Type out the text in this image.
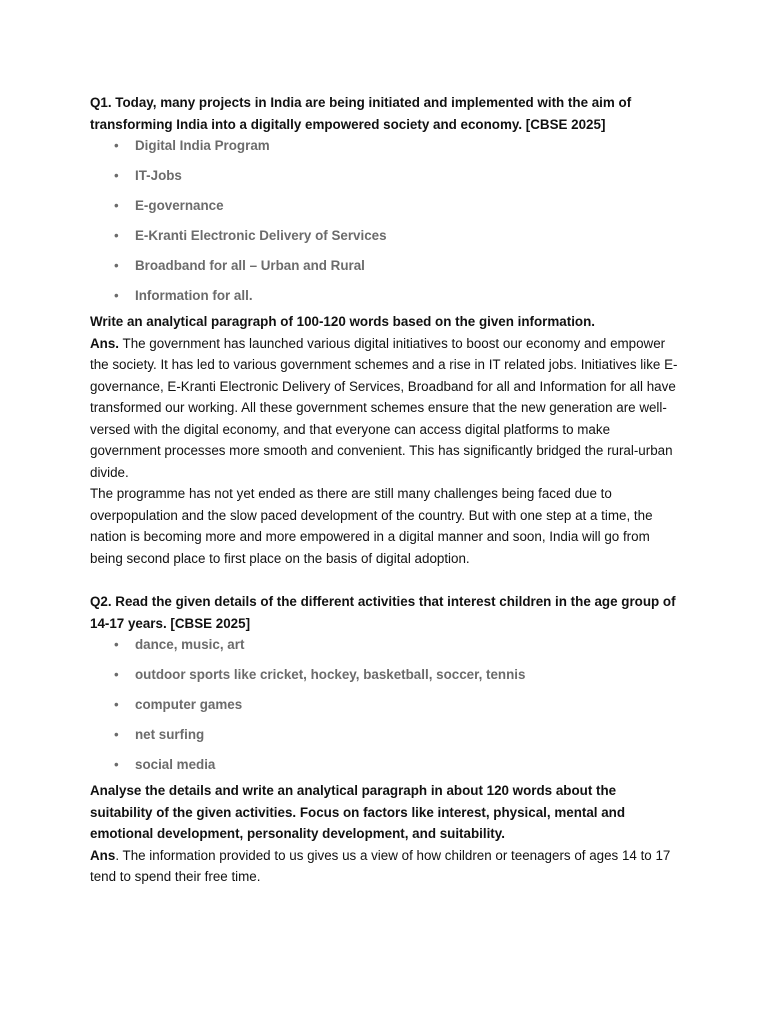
Q1. Today, many projects in India are being initiated and implemented with the aim of transforming India into a digitally empowered society and economy. [CBSE 2025]

• Digital India Program
• IT-Jobs
• E-governance
• E-Kranti Electronic Delivery of Services
• Broadband for all – Urban and Rural
• Information for all.

Write an analytical paragraph of 100-120 words based on the given information.

Ans. The government has launched various digital initiatives to boost our economy and empower the society. It has led to various government schemes and a rise in IT related jobs. Initiatives like E-governance, E-Kranti Electronic Delivery of Services, Broadband for all and Information for all have transformed our working. All these government schemes ensure that the new generation are well-versed with the digital economy, and that everyone can access digital platforms to make government processes more smooth and convenient. This has significantly bridged the rural-urban divide.

The programme has not yet ended as there are still many challenges being faced due to overpopulation and the slow paced development of the country. But with one step at a time, the nation is becoming more and more empowered in a digital manner and soon, India will go from being second place to first place on the basis of digital adoption.

Q2. Read the given details of the different activities that interest children in the age group of 14-17 years. [CBSE 2025]

• dance, music, art
• outdoor sports like cricket, hockey, basketball, soccer, tennis
• computer games
• net surfing
• social media

Analyse the details and write an analytical paragraph in about 120 words about the suitability of the given activities. Focus on factors like interest, physical, mental and emotional development, personality development, and suitability.

Ans. The information provided to us gives us a view of how children or teenagers of ages 14 to 17 tend to spend their free time.
